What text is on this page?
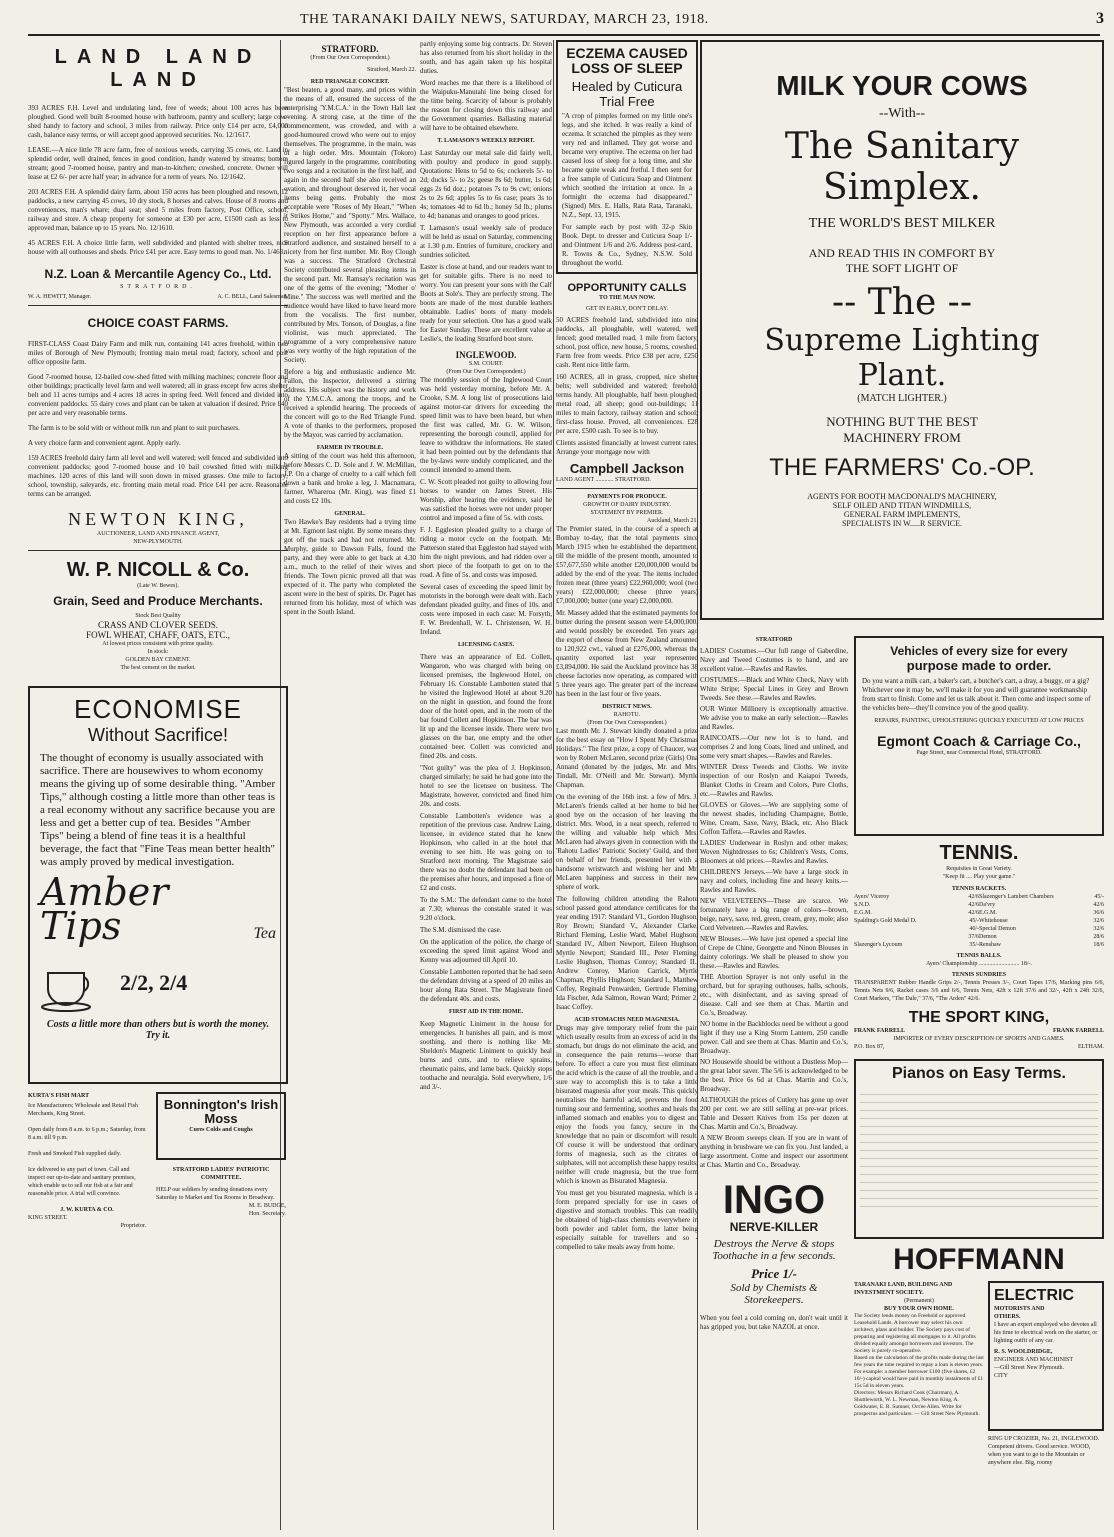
THE TARANAKI DAILY NEWS, SATURDAY, MARCH 23, 1918.	3
LAND LAND LAND
393 ACRES F.H. Level and undulating land, free of weeds; about 100 acres has been ploughed. Good well built 8-roomed house with bathroom, pantry and scullery; large cow-shed handy to factory and school, 3 miles from railway. Price only £14 per acre, £4,000 cash, balance easy terms, or will accept good approved securities. No. 12/1617.
LEASE.—A nice little 78 acre farm, free of noxious weeds, carrying 35 cows, etc. Land in splendid order, well drained, fences in good condition, handy watered by streams; bottom stream; good 7-roomed house, pantry and man-to-kitchen; cowshed, concrete. Owner will lease at £2 6/- per acre half year; in advance for a term of years. No. 12/1642.
203 ACRES F.H. A splendid dairy farm, about 150 acres has been ploughed and resown, 12 paddocks, a new carrying 45 cows, 10 dry stock, 8 horses and calves. House of 8 rooms and conveniences, man's whare; dual seat; shed 5 miles from factory, Post Office, school, railway and store. A cheap property for someone at £30 per acre, £1500 cash as less to approved man, balance up to 15 years. No. 12/1610.
45 ACRES F.H. A choice little farm, well subdivided and planted with shelter trees, nice house with all outhouses and sheds. Price £41 per acre. Easy terms to good man. No. 1/463.
N.Z. Loan & Mercantile Agency Co., Ltd.
STRATFORD.
W. A. HEWITT, Manager.	A. C. BELL, Land Salesman.
CHOICE COAST FARMS.
FIRST-CLASS Coast Dairy Farm and milk run, containing 141 acres freehold, within two miles of Borough of New Plymouth; fronting main metal road; factory, school and post office opposite farm.
Good 7-roomed house, 12-bailed cow-shed fitted with milking machines; concrete floor and other buildings; practically level farm and well watered; all in grass except few acres shelter belt and 11 acres turnips and 4 acres 18 acres in spring feed. Well fenced and divided into convenient paddocks. 55 dairy cows and plant can be taken at valuation if desired. Price £40 per acre and very reasonable terms.
The farm is to be sold with or without milk run and plant to suit purchasers.
A very choice farm and convenient agent. Apply early.
159 ACRES freehold dairy farm all level and well watered; well fenced and subdivided into convenient paddocks; good 7-roomed house and 10 bail cowshed fitted with milking machines. 120 acres of this land will soon down in mixed grasses. One mile to factory; school, township, saleyards, etc. fronting main metal road. Price £41 per acre. Reasonable terms can be arranged.
NEWTON KING,
AUCTIONEER, LAND AND FINANCE AGENT,
NEW-PLYMOUTH.
W. P. NICOLL & Co.
(Late W. Bewes).
Grain, Seed and Produce Merchants.
Stock Best Quality
CRASS AND CLOVER SEEDS.
FOWL WHEAT, CHAFF, OATS, ETC.,
At lowest prices consistent with prime quality.
In stock:
GOLDEN BAY CEMENT.
The best cement on the market.
ECONOMISE
Without Sacrifice!
The thought of economy is usually associated with sacrifice. There are housewives to whom economy means the giving up of some desirable thing. "Amber Tips," although costing a little more than other teas is a real economy without any sacrifice because you are less and get a better cup of tea. Besides "Amber Tips" being a blend of fine teas it is a healthful beverage, the fact that "Fine Teas mean better health" was amply proved by medical investigation.
Amber Tips	Tea
2/2, 2/4
Costs a little more than others but is worth the money. Try it.
KURTA'S FISH MART
Ice Manufacturers; Wholesale and Retail Fish Merchants, King Street.
Open daily from 8 a.m. to 6 p.m.; Saturday, from 8 a.m. till 9 p.m.
Fresh and Smoked Fish supplied daily.
Ice delivered to any part of town. Call and inspect our up-to-date and sanitary premises, which enable us to sell our fish at a fair and reasonable price. A trial will convince.
J. W. KURTA & CO.
KING STREET.
Proprietor.
Bonnington's Irish Moss
Cures Colds and Coughs
STRATFORD LADIES' PATRIOTIC COMMITTEE.
HELP our soldiers by sending donations every Saturday to Market and Tea Rooms in Broadway.
M. E. BUDGE,
Hon. Secretary.
STRATFORD.
(From Our Own Correspondent.)
Stratford, March 22.
RED TRIANGLE CONCERT.
"Best beaten, a good many, and prices within the means of all, ensured the success of the enterprising 'Y.M.C.A.' in the Town Hall last evening. A strong case, at the time of the commencement, was crowded, and with a good-humoured crowd who were out to enjoy themselves. The programme, in the main, was of a high order. Mrs. Mountain (Tokoro) figured largely in the programme, contributing two songs and a recitation in the first half, and again in the second half she also received an ovation, and throughout deserved it, her vocal items being gems. Probably the most acceptable were "Roses of My Heart," "When it Strikes Home," and "Spotty." Mrs. Wallace, New Plymouth, was accorded a very cordial reception on her first appearance before a Stratford audience, and sustained herself to a nicety from her first number. Mr. Roy Clough was a success. The Stratford Orchestral Society contributed several pleasing items in the second part. Mr. Ramsay's recitation was one of the gems of the evening; "Mother o' Mine." The success was well merited and the audience would have liked to have heard more from the vocalists. The first number, contributed by Mrs. Tonson, of Douglas, a fine violinist, was much appreciated. The programme of a very comprehensive nature was very worthy of the high reputation of the Society.
Before a big and enthusiastic audience Mr. Fallon, the Inspector, delivered a stirring address. His subject was the history and work of the Y.M.C.A. among the troops, and he received a splendid hearing. The proceeds of the concert will go to the Red Triangle Fund. A vote of thanks to the performers, proposed by the Mayor, was carried by acclamation.
FARMER IN TROUBLE.
A sitting of the court was held this afternoon, before Messrs C. D. Sole and J. W. McMillan, J.P. On a charge of cruelty to a calf which fell down a bank and broke a leg, J. Macnamara, farmer, Whareroa (Mr. King), was fined £1 and costs £2 10s.
GENERAL.
Two Hawke's Bay residents had a trying time at Mt. Egmont last night. By some means they got off the track and had not returned. Mr. Murphy, guide to Dawson Falls, found the party, and they were able to get back at 4.30 a.m., much to the relief of their wives and friends. The Town picnic proved all that was expected of it. The party who completed the ascent were in the best of spirits. Dr. Paget has returned from his holiday, most of which was spent in the South Island.
partly enjoying some big contracts. Dr. Steven has also returned from his short holiday in the south, and has again taken up his hospital duties.
Word reaches me that there is a likelihood of the Waipuku-Manutahi line being closed for the time being. Scarcity of labour is probably the reason for closing down this railway and the Government quarries. Ballasting material will have to be obtained elsewhere.
T. LAMASON'S WEEKLY REPORT.
Last Saturday our metal sale did fairly well, with poultry and produce in good supply. Quotations: Hens to 5d to 6s; cockerels 5/- to 2d; ducks 5/- to 2s; geese 8s 6d; butter, 1s 6d; eggs 2s 6d doz.; potatoes 7s to 9s cwt; onions 2s to 2s 6d; apples 5s to 6s case; pears 3s to 4s; tomatoes 4d to 6d lb.; honey 5d lb.; plums to 4d; bananas and oranges to good prices.
T. Lamason's usual weekly sale of produce will be held as usual on Saturday, commencing at 1.30 p.m. Entries of furniture, crockery and sundries solicited.
Easter is close at hand, and our readers want to get for suitable gifts. There is no need to worry. You can present your sons with the Calf Boots at Sole's. They are perfectly strong. The boots are made of the most durable leathers obtainable. Ladies' boots of many models ready for your selection. One has a good walk for Easter Sunday. These are excellent value at Leslie's, the leading Stratford boot store.
INGLEWOOD.
S.M. COURT.
(From Our Own Correspondent.)
The monthly session of the Inglewood Court was held yesterday morning, before Mr. A. Crooke, S.M. A long list of prosecutions laid against motor-car drivers for exceeding the speed limit was to have been heard, but when the first was called, Mr. G. W. Wilson, representing the borough council, applied for leave to withdraw the informations. He stated it had been pointed out by the defendants that the by-laws were unduly complicated, and the council intended to amend them.
C. W. Scott pleaded not guilty to allowing four horses to wander on James Street. His Worship, after hearing the evidence, said he was satisfied the horses were not under proper control and imposed a fine of 5s. with costs.
F. J. Eggleston pleaded guilty to a charge of riding a motor cycle on the footpath. Mr. Patterson stated that Eggleston had stayed with him the night previous, and had ridden over a short piece of the footpath to get on to the road. A fine of 5s. and costs was imposed.
Several cases of exceeding the speed limit by motorists in the borough were dealt with. Each defendant pleaded guilty, and fines of 10s. and costs were imposed in each case: M. Forsyth, F. W. Bredenhall, W. L. Christensen, W. H. Ireland.
LICENSING CASES.
There was an appearance of Ed. Collett, Wangaron, who was charged with being on licensed premises, the Inglewood Hotel, on February 16. Constable Lambotten stated that he visited the Inglewood Hotel at about 9.20 on the night in question, and found the front door of the hotel open, and in the room of the bar found Collett and Hopkinson. The bar was lit up and the licensee inside. There were two glasses on the bar, one empty and the other contained beer. Collett was convicted and fined 20s. and costs.
"Not guilty" was the plea of J. Hopkinson, charged similarly; he said he had gone into the hotel to see the licensee on business. The Magistrate, however, convicted and fined him 20s. and costs.
Constable Lambotten's evidence was a repetition of the previous case. Andrew Laing, licensee, in evidence stated that he knew Hopkinson, who called in at the hotel that evening to see him. He was going on to Stratford next morning. The Magistrate said there was no doubt the defendant had been on the premises after hours, and imposed a fine of £2 and costs.
To the S.M.: The defendant came to the hotel at 7.30; whereas the constable stated it was 9.20 o'clock.
The S.M. dismissed the case.
On the application of the police, the charge of exceeding the speed limit against Wood and Kenny was adjourned till April 10.
Constable Lambotten reported that he had seen the defendant driving at a speed of 20 miles an hour along Rata Street. The Magistrate fined the defendant 40s. and costs.
FIRST AID IN THE HOME.
Keep Magnetic Liniment in the house for emergencies. It banishes all pain, and is most soothing, and there is nothing like Mr. Sheldon's Magnetic Liniment to quickly heal burns and cuts, and to relieve sprains, rheumatic pains, and lame back. Quickly stops toothache and neuralgia. Sold everywhere, 1/6 and 3/-.
ECZEMA CAUSED
LOSS OF SLEEP
Healed by Cuticura Trial Free
"A crop of pimples formed on my little one's legs, and she itched. It was really a kind of eczema. It scratched the pimples as they were very red and inflamed. They got worse and became very eruptive. The eczema on her had caused loss of sleep for a long time, and she became quite weak and fretful. I then sent for a free sample of Cuticura Soap and Ointment which soothed the irritation at once. In a fortnight the eczema had disappeared." (Signed) Mrs. E. Halls, Rata Rata, Taranaki, N.Z., Sept. 13, 1915.
For sample each by post with 32-p Skin Book. Dept. to dresser and Cuticura Soap 1/- and Ointment 1/6 and 2/6. Address post-card, R. Towns & Co., Sydney, N.S.W. Sold throughout the world.
OPPORTUNITY CALLS
TO THE MAN NOW.
GET IN EARLY, DON'T DELAY.
50 ACRES freehold land, subdivided into nine paddocks, all ploughable, well watered, well fenced; good metalled road, 1 mile from factory, school, post office, new house, 5 rooms, cowshed. Farm free from weeds. Price £38 per acre, £250 cash. Rent nice little farm.
160 ACRES, all in grass, cropped, nice shelter belts; well subdivided and watered; freehold; terms handy. All ploughable, half been ploughed; metal road, all sheep; good out-buildings; 11 miles to main factory, railway station and school; first-class house. Proved, all conveniences. £28 per acre, £500 cash. To see is to buy.
Clients assisted financially at lowest current rates. Arrange your mortgage now with
Campbell Jackson
LAND AGENT ............ STRATFORD.
PAYMENTS FOR PRODUCE.
GROWTH OF DAIRY INDUSTRY.
STATEMENT BY PREMIER.
Auckland, March 21.
The Premier stated, in the course of a speech at Bombay to-day, that the total payments since March 1915 when he established the department, till the middle of the present month, amounted to £57,677,550 while another £20,000,000 would be added by the end of the year. The items included frozen meat (three years) £22,960,000; wool (two years) £22,000,000; cheese (three years) £7,000,000; butter (one year) £2,000,000.
Mr. Massey added that the estimated payments for butter during the present season were £4,000,000, and would possibly be exceeded. Ten years ago the export of cheese from New Zealand amounted to 120,922 cwt., valued at £276,000, whereas the quantity exported last year represented £3,894,000. He said the Auckland province has 38 cheese factories now operating, as compared with 5 three years ago. The greater part of the increase has been in the last four or five years.
DISTRICT NEWS.
RAHOTU.
(From Our Own Correspondent.)
Last month Mr. J. Stewart kindly donated a prize for the best essay on "How I Spent My Christmas Holidays." The first prize, a copy of Chaucer, was won by Robert McLaren, second prize (Girls) Ona Annand (donated by the judges, Mr. and Mrs. Tindall, Mr. O'Neill and Mr. Stewart). Myrtle Chapman.
On the evening of the 16th inst. a few of Mrs. J. McLaren's friends called at her home to bid her good bye on the occasion of her leaving the district. Mrs. Wood, in a neat speech, referred to the willing and valuable help which Mrs. McLaren had always given in connection with the 'Rahotu Ladies' Patriotic Society' Guild, and then on behalf of her friends, presented her with a handsome wristwatch and wishing her and Mr. McLaren happiness and success in their new sphere of work.
The following children attending the Rahotu school passed good attendance certificates for the year ending 1917: Standard VI., Gordon Hughson, Roy Brown; Standard V., Alexander Clarke, Richard Fleming, Leslie Ward, Mabel Hughson; Standard IV., Albert Newport, Eileen Hughson, Myrtle Newport; Standard III., Peter Fleming, Leslie Hughson, Thomas Conroy; Standard II., Andrew Conroy, Marion Carrick, Myrtle Chapman, Phyllis Hughson; Standard I., Matthew Coffey, Reginald Penwarden, Gertrude Fleming, Ida Fischer, Ada Salmon, Rowan Ward; Primer 2, Isaac Coffey.
ACID STOMACHS NEED MAGNESIA.
Drugs may give temporary relief from the pain which usually results from an excess of acid in the stomach, but drugs do not eliminate the acid, and in consequence the pain returns—worse than before. To effect a cure you must first eliminate the acid which is the cause of all the trouble, and a sure way to accomplish this is to take a little bisurated magnesia after your meals. This quickly neutralises the harmful acid, prevents the food turning sour and fermenting, soothes and heals the inflamed stomach and enables you to digest and enjoy the foods you fancy, secure in the knowledge that no pain or discomfort will result. Of course it will be understood that ordinary forms of magnesia, such as the citrates of sulphates, will not accomplish these happy results; neither will crude magnesia, but the true form which is known as Bisurated Magnesia.
You must get you bisurated magnesia, which is a form prepared specially for use in cases of digestive and stomach troubles. This can readily be obtained of high-class chemists everywhere in both powder and tablet form, the latter being especially suitable for travellers and so - compelled to take meals away from home.
MILK YOUR COWS
--With--
The Sanitary
Simplex.
THE WORLD'S BEST MILKER
AND READ THIS IN COMFORT BY
THE SOFT LIGHT OF
-- The --
Supreme Lighting
Plant.
(MATCH LIGHTER.)
NOTHING BUT THE BEST
MACHINERY FROM
THE FARMERS' Co.-OP.
AGENTS FOR BOOTH MACDONALD'S MACHINERY,
SELF OILED AND TITAN WINDMILLS,
GENERAL FARM IMPLEMENTS,
SPECIALISTS IN W.....R SERVICE.
STRATFORD
LADIES' Costumes.—Our full range of Gaberdine, Navy and Tweed Costumes is to hand, and are excellent value.—Rawles and Rawles.
COSTUMES.—Black and White Check, Navy with White Stripe; Special Lines in Grey and Brown Tweeds. See these.—Rawles and Rawles.
OUR Winter Millinery is exceptionally attractive. We advise you to make an early selection.—Rawles and Rawles.
RAINCOATS.—Our new lot is to hand, and comprises 2 and long Coats, lined and unlined, and some very smart shapes.—Rawles and Rawles.
WINTER Dress Tweeds and Cloths. We invite inspection of our Roslyn and Kaiapoi Tweeds, Blanket Cloths in Cream and Colors, Pure Cloths, etc.—Rawles and Rawles.
GLOVES or Gloves.—We are supplying some of the newest shades, including Champagne, Bottle, Wine, Cream, Saxe, Navy, Black, etc. Also Black Coffon Taffeta.—Rawles and Rawles.
LADIES' Underwear in Roslyn and other makes; Woven Nightdresses to 6s; Children's Vests, Coms, Bloomers at old prices.—Rawles and Rawles.
CHILDREN'S Jerseys.—We have a large stock in navy and colors, including fine and heavy knits.—Rawles and Rawles.
NEW VELVETEENS—These are scarce. We fortunately have a big range of colors—brown, beige, navy, saxe, red, green, cream, grey, mole; also Cord Velveteen.—Rawles and Rawles.
NEW Blouses.—We have just opened a special line of Crepe de Chine, Georgette and Ninon Blouses in dainty colorings. We shall be pleased to show you these.—Rawles and Rawles.
THE Abortion Sprayer is not only useful in the orchard, but for spraying outhouses, halls, schools, etc., with disinfectant, and as saving spread of disease. Call and see them at Chas. Martin and Co.'s, Broadway.
NO home in the Backblocks need be without a good light if they use a King Storm Lantern, 250 candle power. Call and see them at Chas. Martin and Co.'s, Broadway.
NO Housewife should be without a Dustless Mop—the great labor saver. The 5/6 is acknowledged to be the best. Price 6s 6d at Chas. Martin and Co.'s, Broadway.
ALTHOUGH the prices of Cutlery has gone up over 200 per cent. we are still selling at pre-war prices. Table and Dessert Knives from 15s per dozen at Chas. Martin and Co.'s, Broadway.
A NEW Broom sweeps clean. If you are in want of anything in brushware we can fix you. Just landed, a large assortment. Come and inspect our assortment at Chas. Martin and Co., Broadway.
INGO
NERVE-KILLER
Destroys the Nerve & stops Toothache in a few seconds.
Price 1/-
Sold by Chemists & Storekeepers.
When you feel a cold coming on, don't wait until it has gripped you, but take NAZOL at once.
Vehicles of every size for every
purpose made to order.
Do you want a milk cart, a baker's cart, a butcher's cart, a dray, a buggy, or a gig? Whichever one it may be, we'll make it for you and will guarantee workmanship from start to finish. Come and let us talk about it. Then come and inspect some of the vehicles here—they'll convince you of the good quality.
REPAIRS, PAINTING, UPHOLSTERING QUICKLY EXECUTED AT LOW PRICES
Egmont Coach & Carriage Co.,
Page Street, near Commercial Hotel, STRATFORD.
TENNIS.
Requisites in Great Variety.
"Keep fit .... Play your game."
TENNIS RACKETS.
Ayers' Viceroy	42/6 Slazenger's Lambert Chambers	45/-
S.N.D.	42/6 Da'vry	42/6
E.G.M.	42/6 E.G.M.	36/6
Spalding's Gold Medal D.	45/- Whitehouse	32/6
40/- Special Demon	32/6
37/6 Demon	28/6
Slazenger's Lycoum	35/- Renshaw	18/6
TENNIS BALLS.
Ayers' Championship ........................... 18/-.
TENNIS SUNDRIES
TRANSPARENT Rubber Handle Grips 2/-, Tennis Presses 3/-, Court Tapes 17/6, Marking pins 6/6, Tennis Nets 9/6, Racket cases 3/6 and 6/6, Tennis Nets, 42ft x 12ft 37/6 and 32/-, 42ft x 24ft 32/6, Court Markers, "The Dale," 37/6, "The Arden" 42/6.
THE SPORT KING,
FRANK FARRELL	FRANK FARRELL
IMPORTER OF EVERY DESCRIPTION OF SPORTS AND GAMES.
P.O. Box 87,	ELTHAM.
Pianos on Easy Terms.
HOFFMANN
TARANAKI LAND, BUILDING AND INVESTMENT SOCIETY.
(Permanent)
BUY YOUR OWN HOME.
The Society lends money on Freehold or approved Leasehold Lands. A borrower may select his own architect, plans and builder. The Society pays cost of preparing and registering all mortgages to it. All profits divided equally amongst borrowers and investors. The Society is purely co-operative.
Based on the calculation of the profits made during the last few years the time required to repay a loan is eleven years. For example: a member borrower £100 (five shares, £2 10/-) capital would have paid in monthly instalments of £1 15s 5d in eleven years.
Directors: Messrs Richard Cook (Chairman), A. Shuttleworth, W. L. Newman, Newton King, A. Goldwater, E. R. Sumner, Oct'ee Allen. Write for prospectus and particulars. — Gill Street New Plymouth.
ELECTRIC
MOTORISTS AND
OTHERS.
I have an expert employed who devotes all his time to electrical work on the starter, or lighting outfit of any car.
R. S. WOOLDRIDGE,
ENGINEER AND MACHINIST
—Gill Street New Plymouth.
CITY
RING UP CROZIER, No. 21, INGLEWOOD. Competent drivers. Good service. WOOD, when you want to go to the Mountain or anywhere else. Big, roomy
